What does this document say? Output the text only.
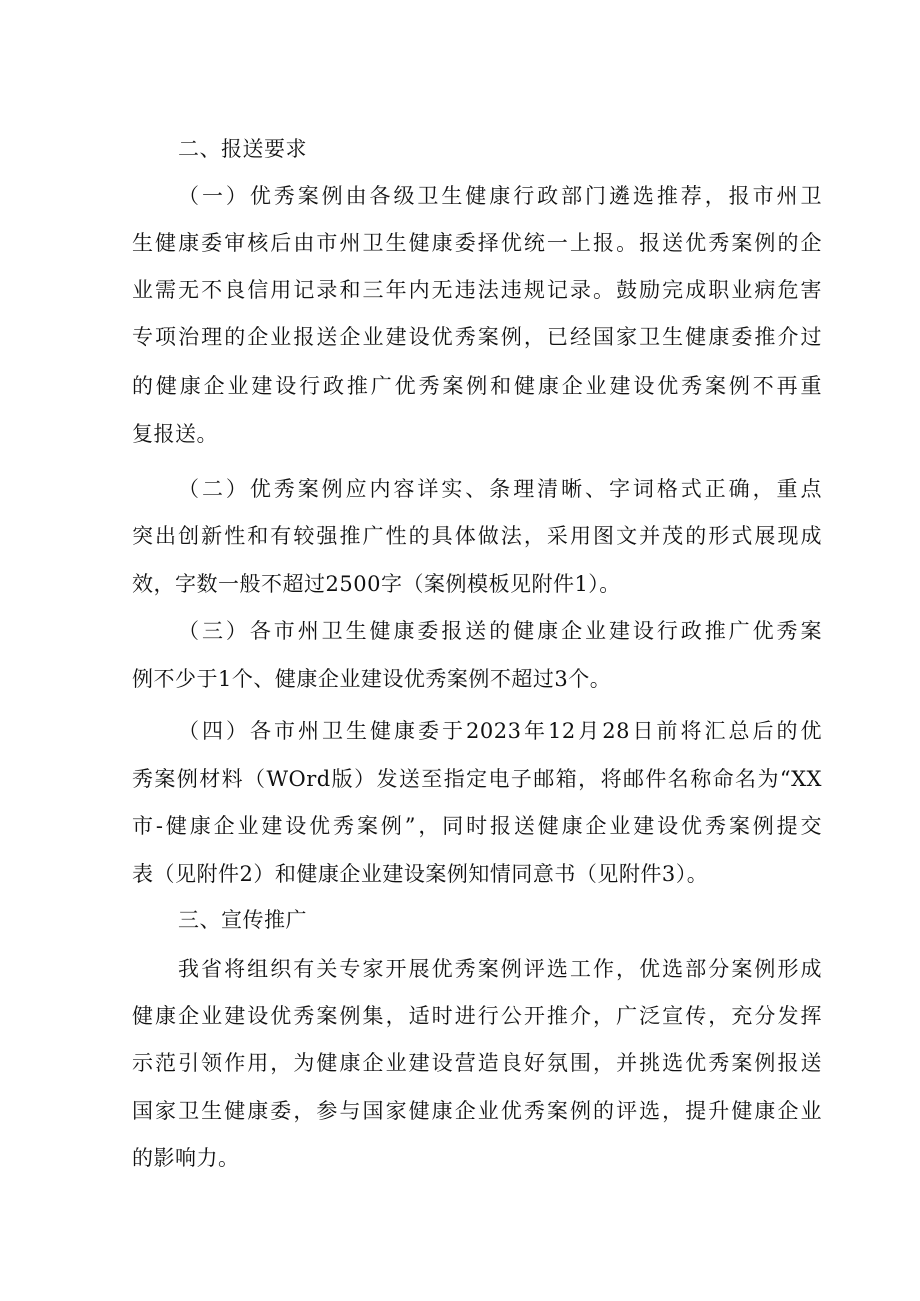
二、报送要求

（一）优秀案例由各级卫生健康行政部门遴选推荐，报市州卫

生健康委审核后由市州卫生健康委择优统一上报。报送优秀案例的企

业需无不良信用记录和三年内无违法违规记录。鼓励完成职业病危害

专项治理的企业报送企业建设优秀案例，已经国家卫生健康委推介过

的健康企业建设行政推广优秀案例和健康企业建设优秀案例不再重

复报送。

（二）优秀案例应内容详实、条理清晰、字词格式正确，重点

突出创新性和有较强推广性的具体做法，采用图文并茂的形式展现成

效，字数一般不超过2500字（案例模板见附件1）。

（三）各市州卫生健康委报送的健康企业建设行政推广优秀案

例不少于1个、健康企业建设优秀案例不超过3个。

（四）各市州卫生健康委于2023年12月28日前将汇总后的优

秀案例材料（WOrd版）发送至指定电子邮箱，将邮件名称命名为“XX

市-健康企业建设优秀案例”，同时报送健康企业建设优秀案例提交

表（见附件2）和健康企业建设案例知情同意书（见附件3）。

三、宣传推广

我省将组织有关专家开展优秀案例评选工作，优选部分案例形成

健康企业建设优秀案例集，适时进行公开推介，广泛宣传，充分发挥

示范引领作用，为健康企业建设营造良好氛围，并挑选优秀案例报送

国家卫生健康委，参与国家健康企业优秀案例的评选，提升健康企业

的影响力。
